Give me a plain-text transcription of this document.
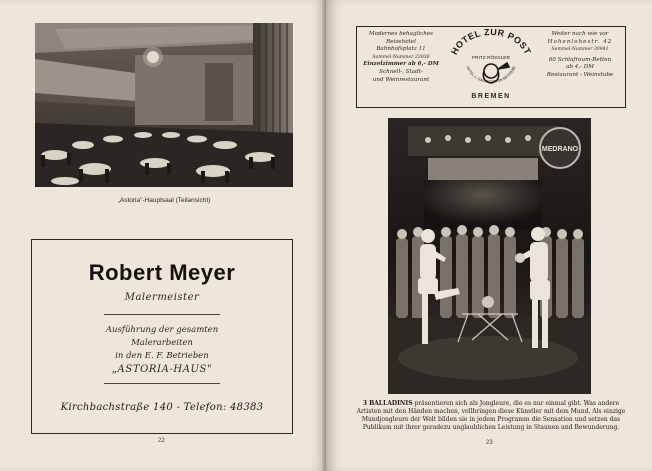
„Astoria"-Hauptsaal (Teilansicht)
Robert Meyer
Malermeister
Ausführung der gesamten
Malerarbeiten
in den E. F. Betrieben
„ASTORIA-HAUS"
Kirchbachstraße 140 - Telefon: 48383
22
Modernes behagliches
Reisehotel
Bahnhofsplatz 11
Sammel-Nummer 23036
Einzelzimmer ab 6,- DM
Schnell-, Stadt-
und Weinrestaurant
HOTEL ZUR POST
FRITZ RÖSSLER
HOTEL u. GASTSTÄTTEN-BETRIEBE
BREMEN
Weiter nach wie vor
Hohenlohestr. 42
Sammel-Nummer 30941
60 Schlafraum-Betten
ab 4,- DM
Restaurant - Weinstube
MEDRANO
3 BALLADINIS präsentieren sich als Jongleure, die es nur einmal gibt. Was andere Artisten mit den Händen machen, vollbringen diese Künstler mit dem Mund. Als einzige Mundjongleure der Welt bilden sie in jedem Programm die Sensation und setzen das Publikum mit ihrer geradezu unglaublichen Leistung in Staunen und Bewunderung.
23
